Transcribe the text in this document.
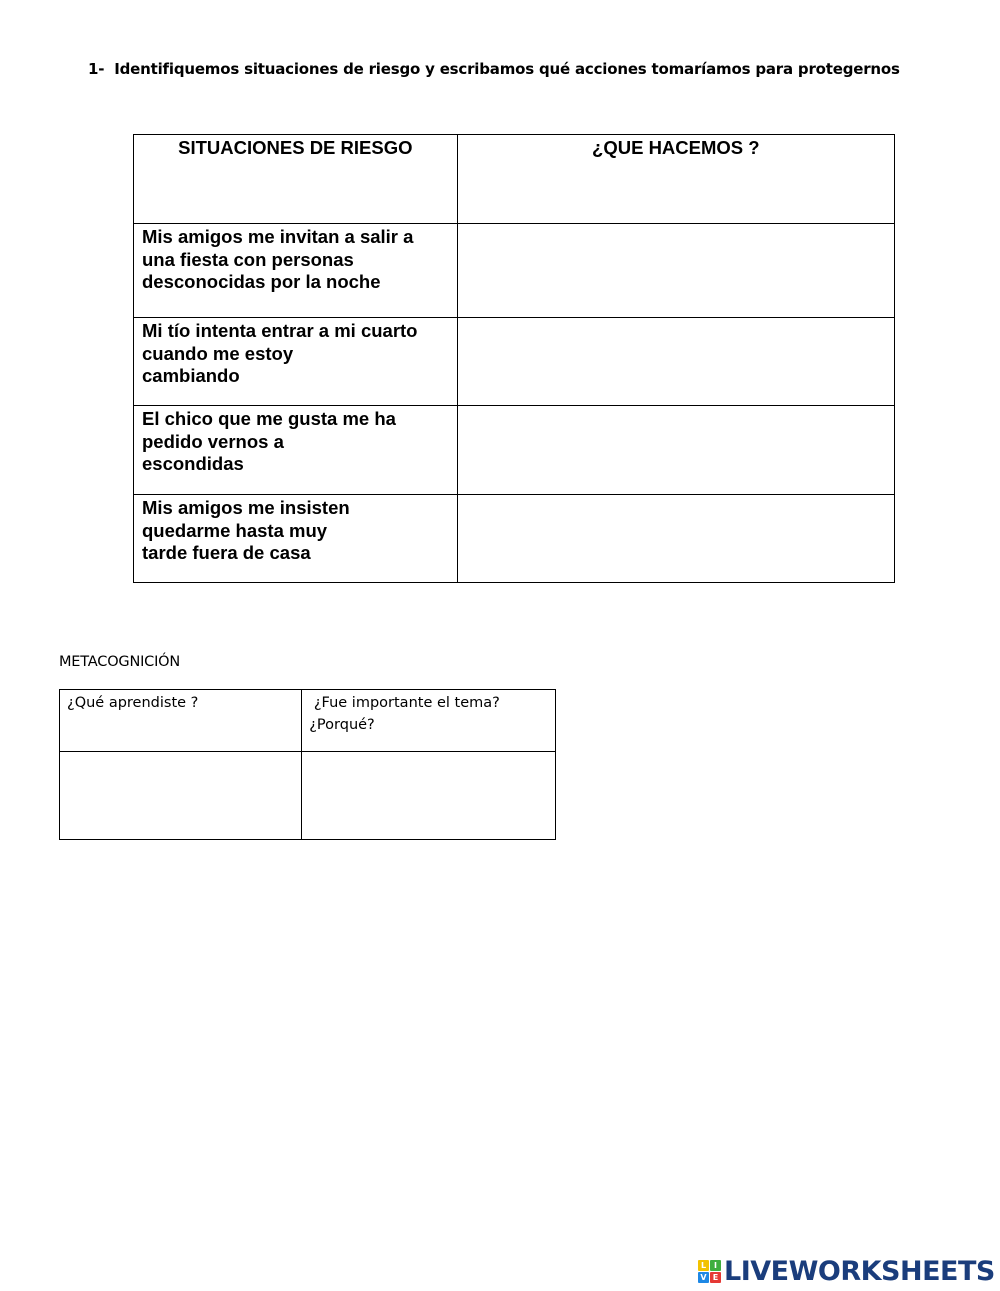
1- Identifiquemos situaciones de riesgo y escribamos qué acciones tomaríamos para protegernos
SITUACIONES DE RIESGO	¿QUE HACEMOS ?
Mis amigos me invitan a salir a
una fiesta con personas
desconocidas por la noche	

Mi tío intenta entrar a mi cuarto
cuando me estoy
cambiando	

El chico que me gusta me ha
pedido vernos a
escondidas	

Mis amigos me insisten
quedarme hasta muy
tarde fuera de casa	
METACOGNICIÓN
¿Qué aprendiste ?	¿Fue importante el tema?
¿Porqué?

L I
V E LIVEWORKSHEETS
